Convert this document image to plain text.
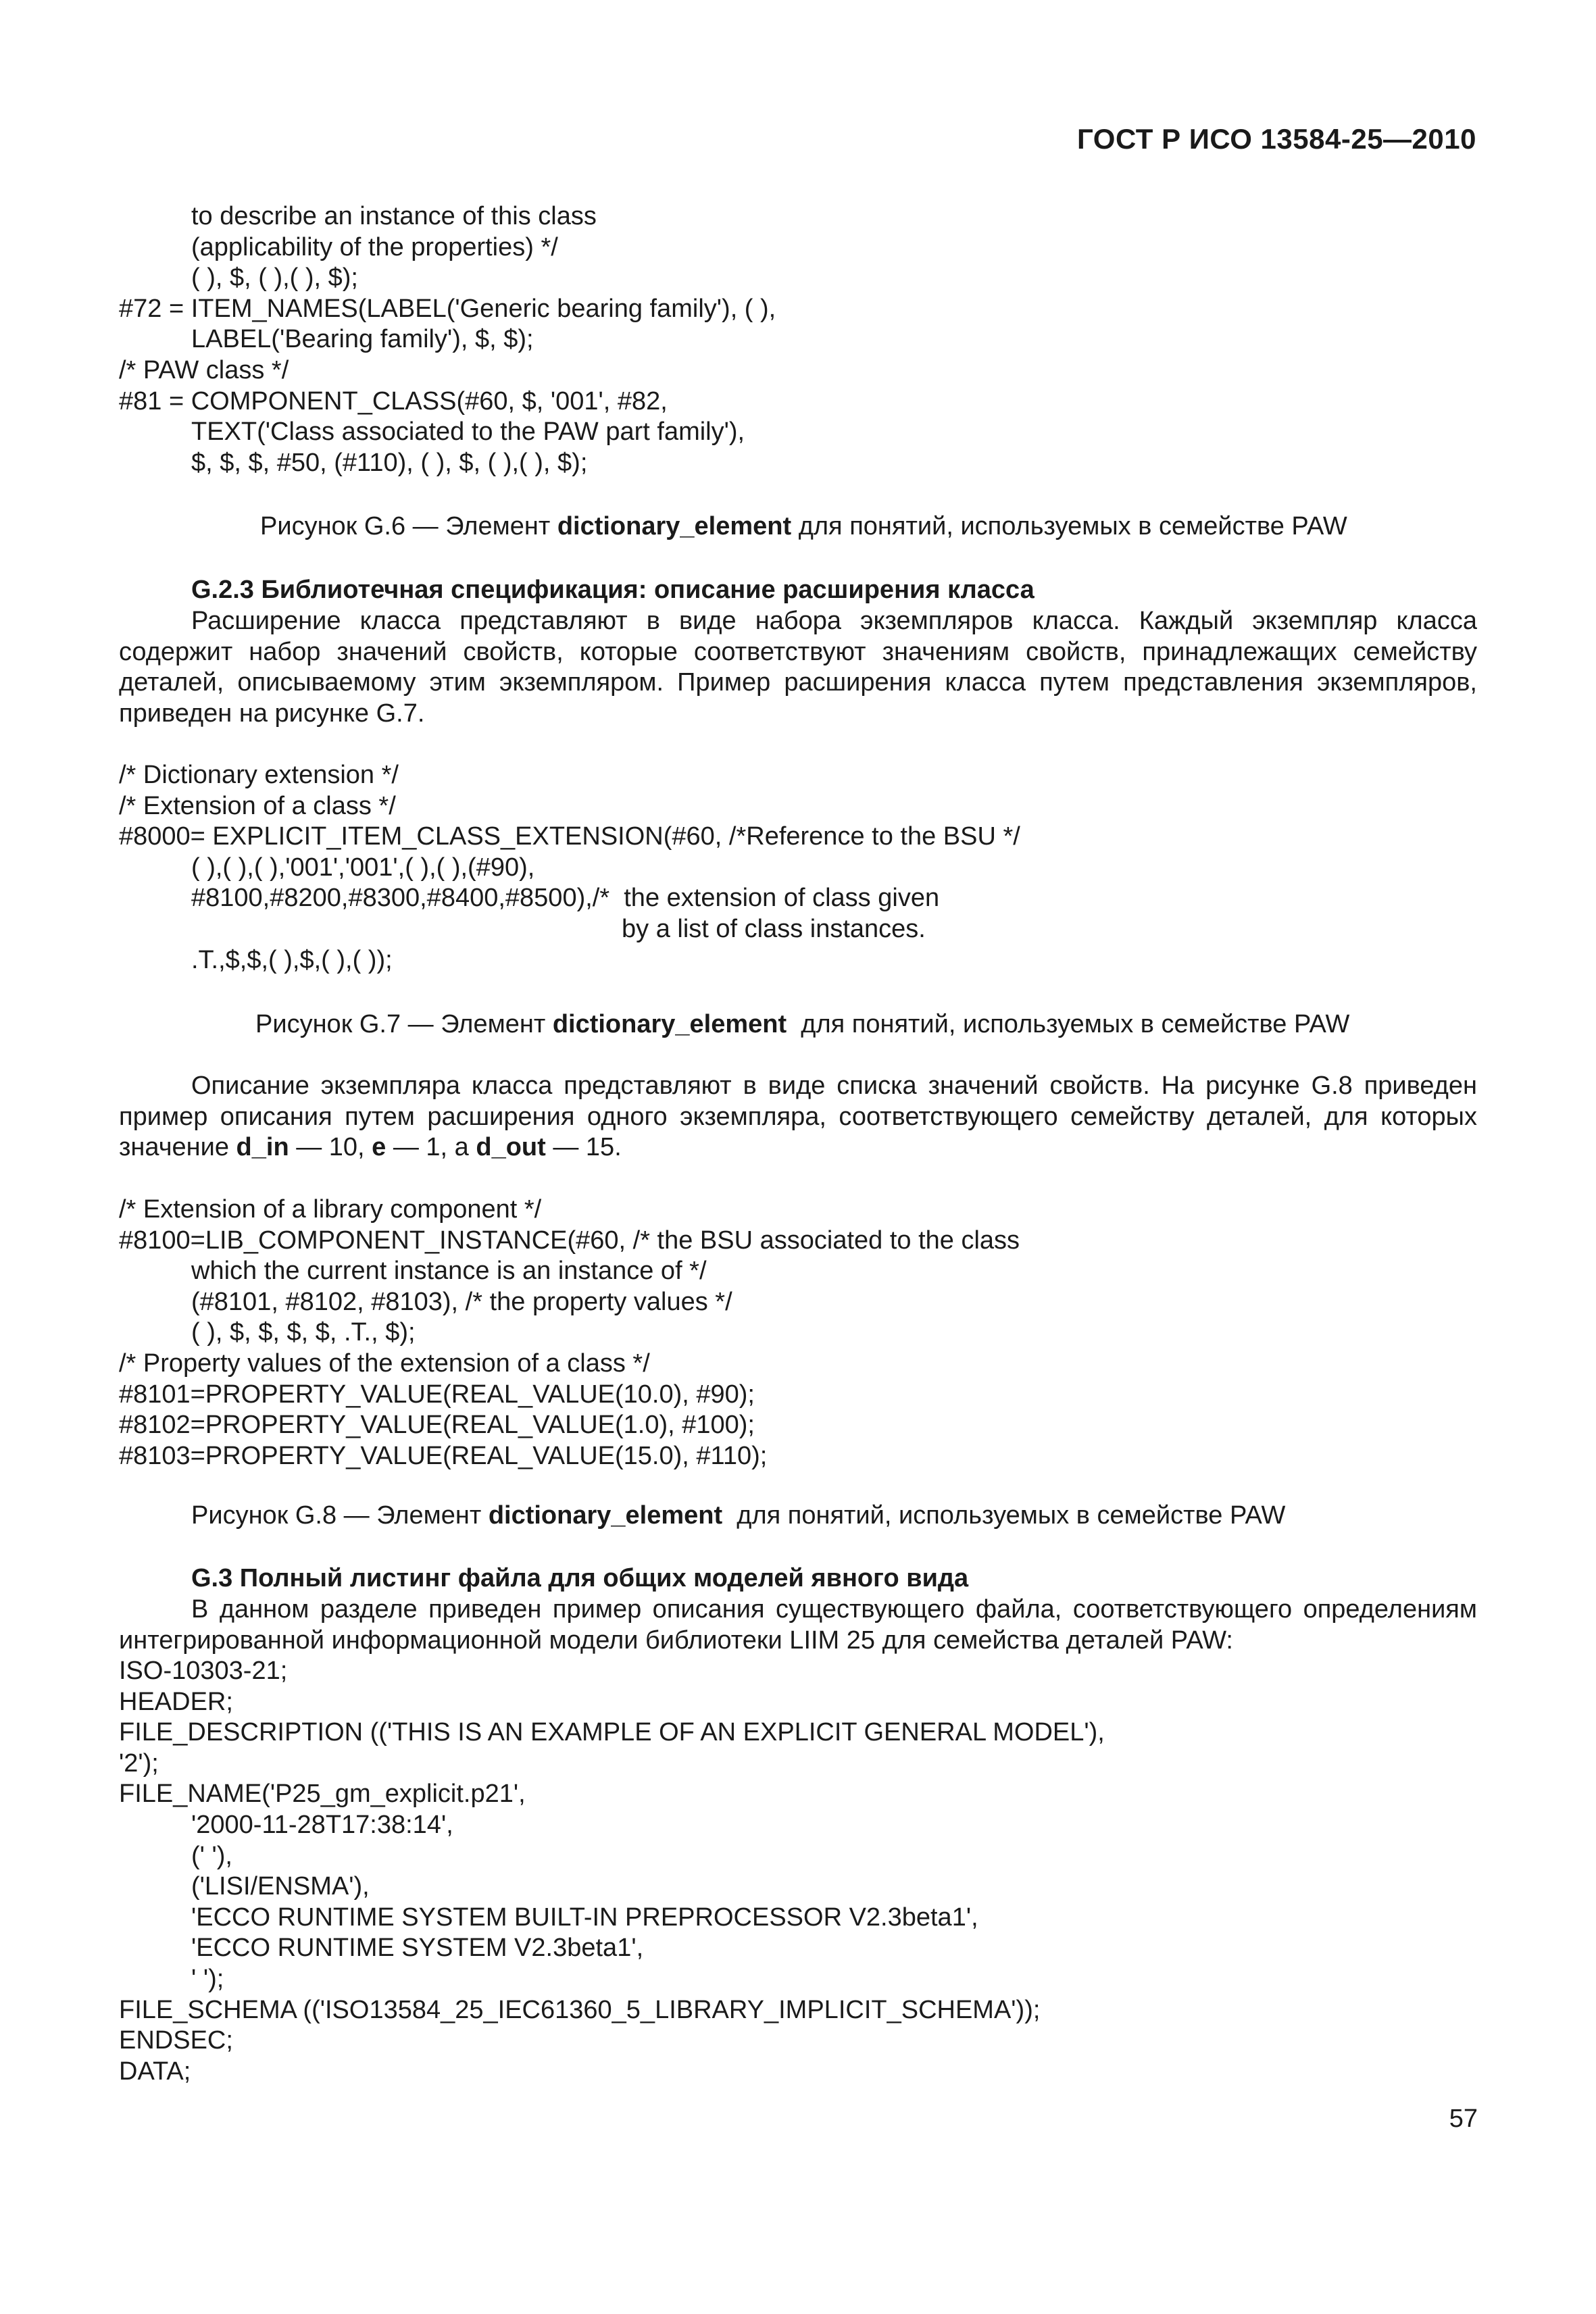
ГОСТ Р ИСО 13584-25—2010
to describe an instance of this class
(applicability of the properties) */
( ), $, ( ),( ), $);
#72 = ITEM_NAMES(LABEL('Generic bearing family'), ( ),
LABEL('Bearing family'), $, $);
/* PAW class */
#81 = COMPONENT_CLASS(#60, $, '001', #82,
TEXT('Class associated to the PAW part family'),
$, $, $, #50, (#110), ( ), $, ( ),( ), $);
Рисунок G.6 — Элемент dictionary_element для понятий, используемых в семействе PAW
G.2.3 Библиотечная спецификация: описание расширения класса
Расширение класса представляют в виде набора экземпляров класса. Каждый экземпляр класса содержит набор значений свойств, которые соответствуют значениям свойств, принадлежащих семейству деталей, описываемому этим экземпляром. Пример расширения класса путем представления экземпляров, приведен на рисунке G.7.
/* Dictionary extension */
/* Extension of a class */
#8000= EXPLICIT_ITEM_CLASS_EXTENSION(#60, /*Reference to the BSU */
( ),( ),( ),'001','001',( ),( ),(#90),
#8100,#8200,#8300,#8400,#8500),/*  the extension of class given
by a list of class instances.
.T.,$,$,( ),$,( ),( ));
Рисунок G.7 — Элемент dictionary_element  для понятий, используемых в семействе PAW
Описание экземпляра класса представляют в виде списка значений свойств. На рисунке G.8 приведен пример описания путем расширения одного экземпляра, соответствующего семейству деталей, для которых значение d_in — 10, e — 1, а d_out — 15.
/* Extension of a library component */
#8100=LIB_COMPONENT_INSTANCE(#60, /* the BSU associated to the class
which the current instance is an instance of */
(#8101, #8102, #8103), /* the property values */
( ), $, $, $, $, .T., $);
/* Property values of the extension of a class */
#8101=PROPERTY_VALUE(REAL_VALUE(10.0), #90);
#8102=PROPERTY_VALUE(REAL_VALUE(1.0), #100);
#8103=PROPERTY_VALUE(REAL_VALUE(15.0), #110);
Рисунок G.8 — Элемент dictionary_element  для понятий, используемых в семействе PAW
G.3 Полный листинг файла для общих моделей явного вида
В данном разделе приведен пример описания существующего файла, соответствующего определениям интегрированной информационной модели библиотеки LIIM 25 для семейства деталей PAW:
ISO-10303-21;
HEADER;
FILE_DESCRIPTION (('THIS IS AN EXAMPLE OF AN EXPLICIT GENERAL MODEL'),
'2');
FILE_NAME('P25_gm_explicit.p21',
'2000-11-28T17:38:14',
(' '),
('LISI/ENSMA'),
'ECCO RUNTIME SYSTEM BUILT-IN PREPROCESSOR V2.3beta1',
'ECCO RUNTIME SYSTEM V2.3beta1',
' ');
FILE_SCHEMA (('ISO13584_25_IEC61360_5_LIBRARY_IMPLICIT_SCHEMA'));
ENDSEC;
DATA;
57
